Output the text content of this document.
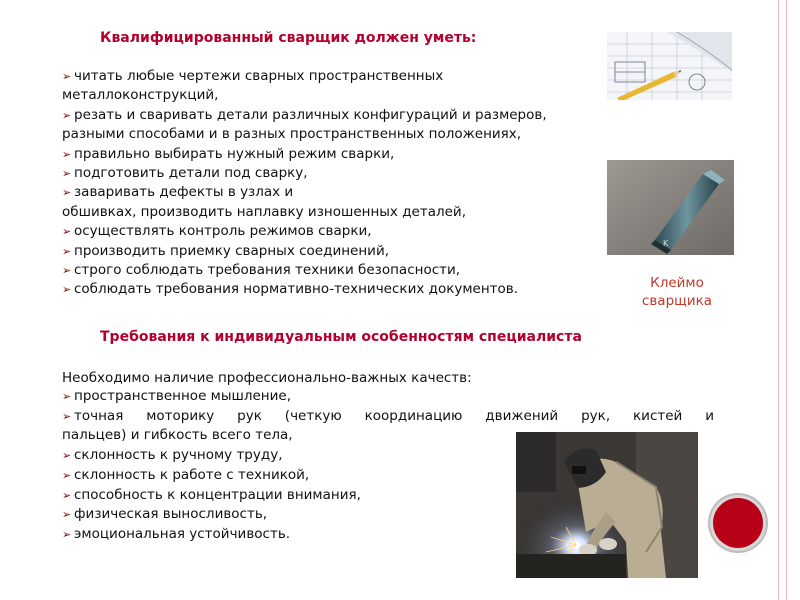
Квалифицированный сварщик должен уметь:
➢ читать любые чертежи сварных пространственных
металлоконструкций,
➢ резать и сваривать детали различных конфигураций и размеров,
разными способами и в разных пространственных положениях,
➢ правильно выбирать нужный режим сварки,
➢ подготовить детали под сварку,
➢ заваривать дефекты в узлах и
обшивках, производить наплавку изношенных деталей,
➢ осуществлять контроль режимов сварки,
➢ производить приемку сварных соединений,
➢ строго соблюдать требования техники безопасности,
➢ соблюдать требования нормативно-технических документов.
K
Клеймо
сварщика
Требования к индивидуальным особенностям специалиста
Необходимо наличие профессионально-важных качеств:
➢ пространственное мышление,
➢ точная моторику рук (четкую координацию движений рук, кистей и
пальцев) и гибкость всего тела,
➢ склонность к ручному труду,
➢ склонность к работе с техникой,
➢ способность к концентрации внимания,
➢ физическая выносливость,
➢ эмоциональная устойчивость.
